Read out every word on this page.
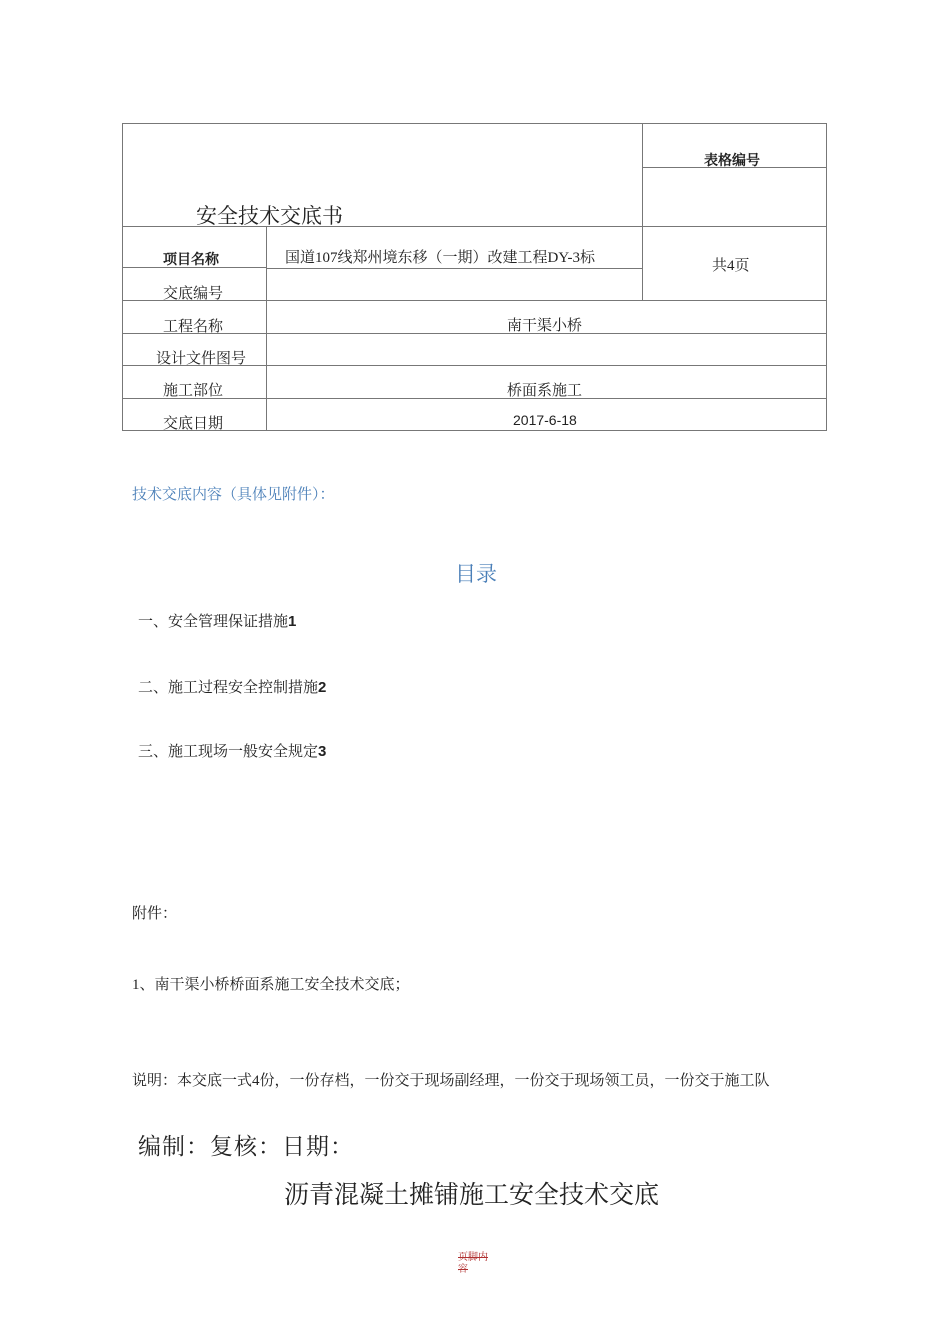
安全技术交底书
表格编号
项目名称	国道107线郑州境东移（一期）改建工程DY-3标	共4页
交底编号
工程名称	南干渠小桥
设计文件图号
施工部位	桥面系施工
交底日期	2017-6-18
技术交底内容（具体见附件）：
目录
一、安全管理保证措施1
二、施工过程安全控制措施2
三、施工现场一般安全规定3
附件：
1、南干渠小桥桥面系施工安全技术交底；
说明：本交底一式4份，一份存档，一份交于现场副经理，一份交于现场领工员，一份交于施工队
编制：复核：日期：
沥青混凝土摊铺施工安全技术交底
页脚内容
